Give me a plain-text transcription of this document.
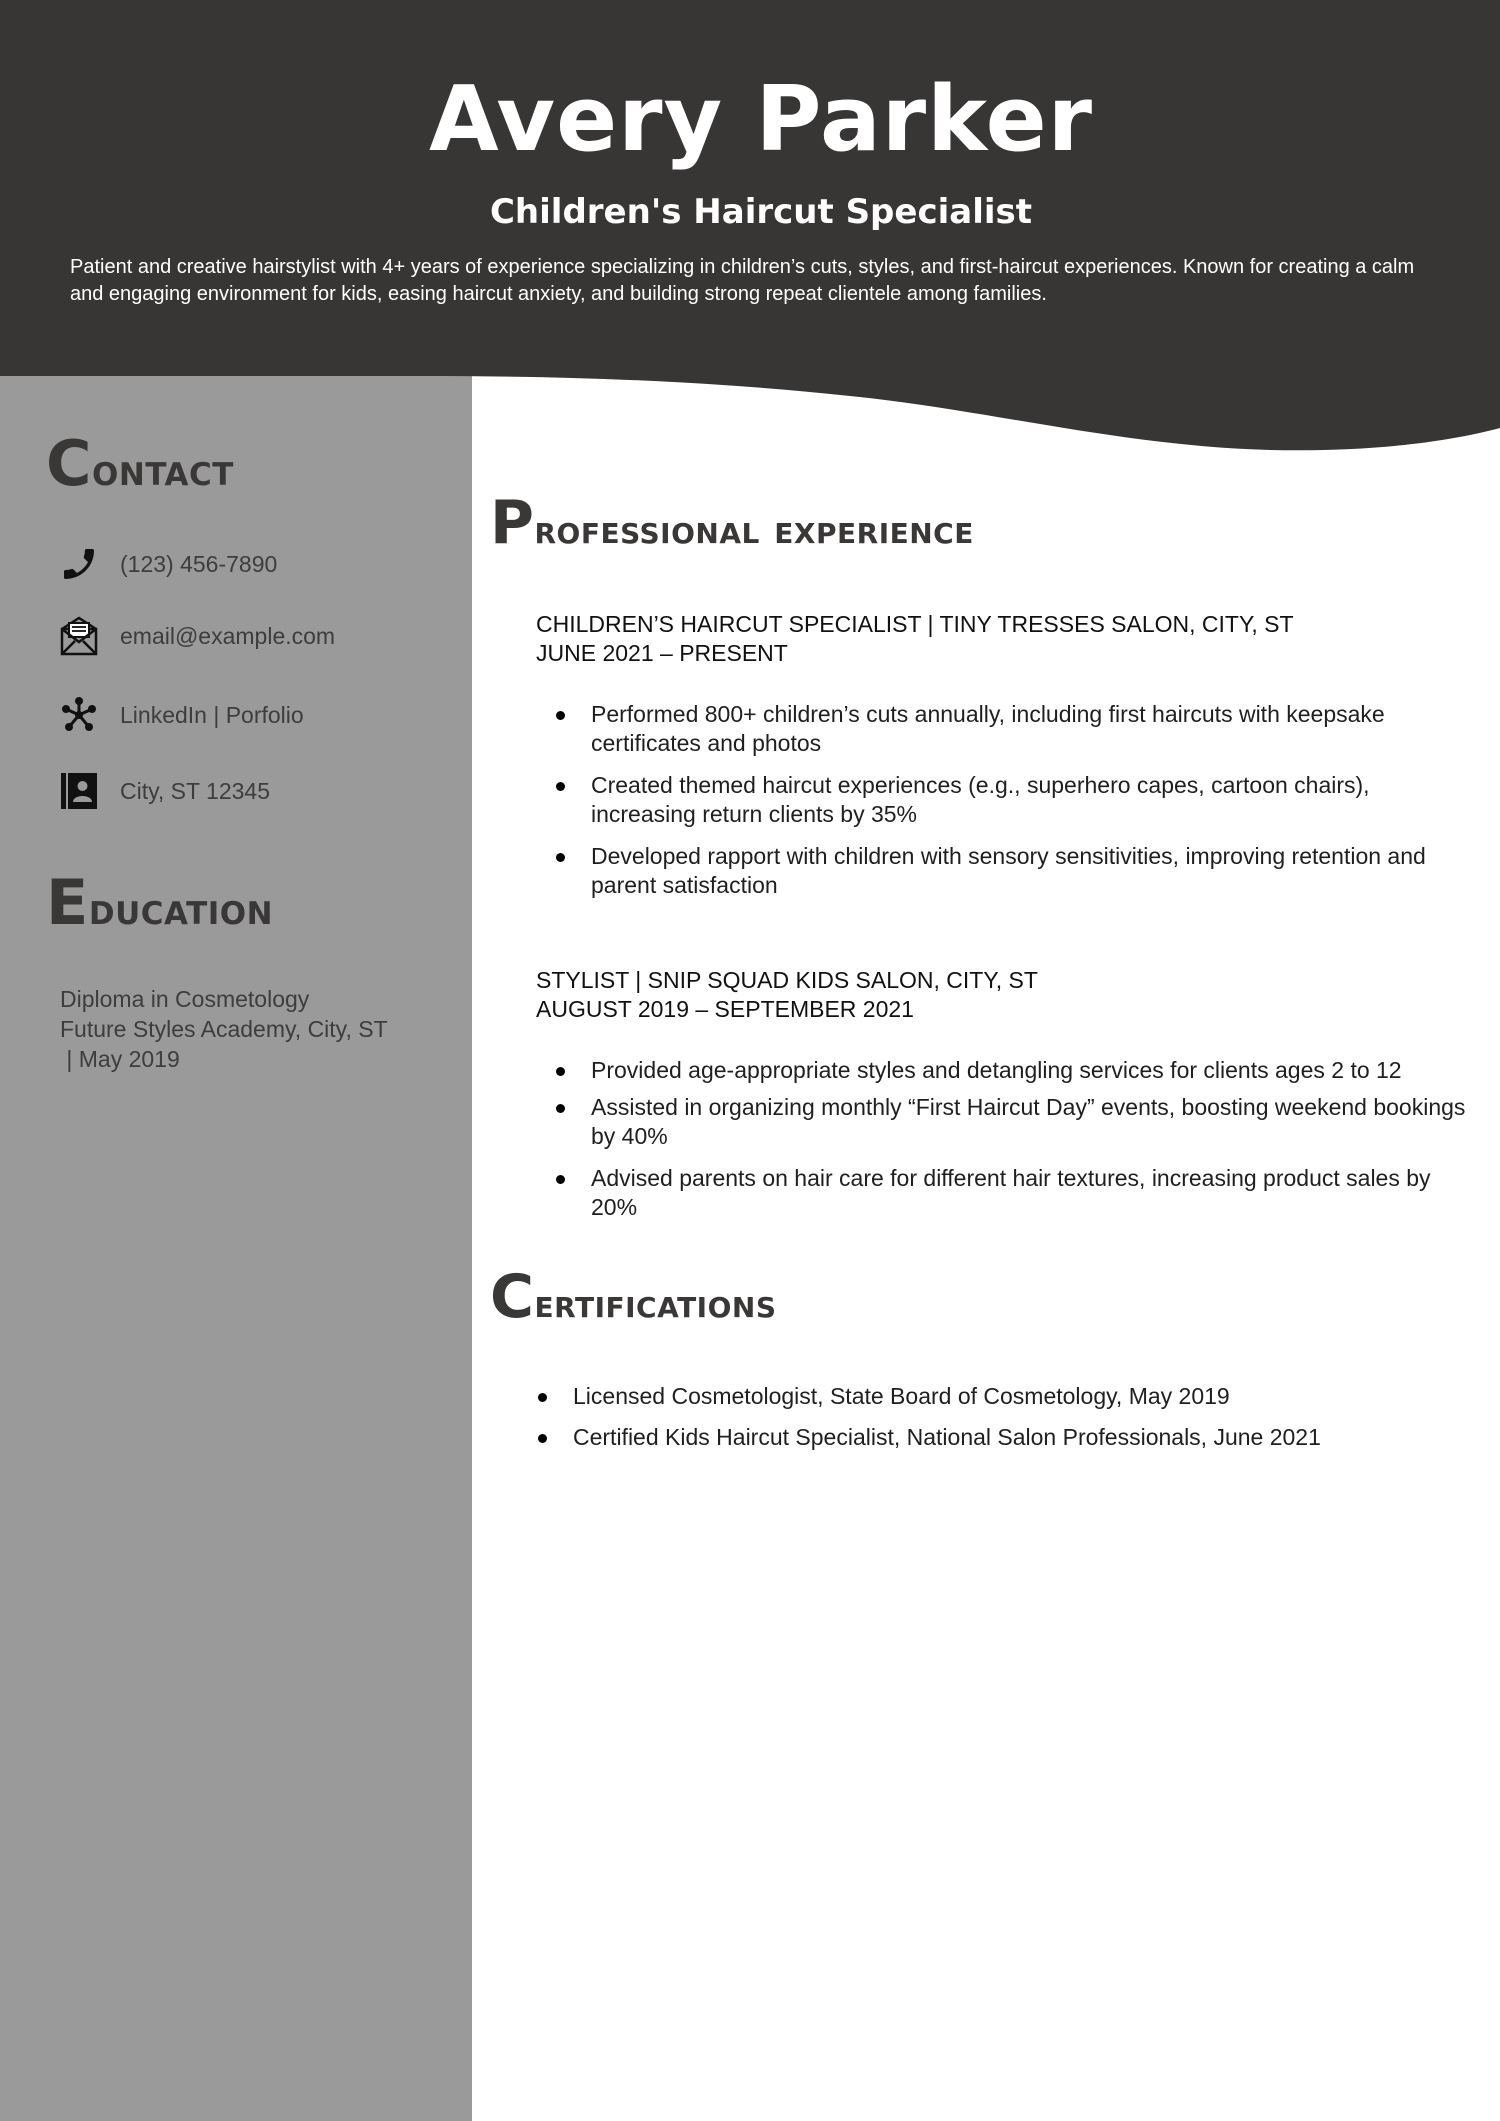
Avery Parker
Children's Haircut Specialist
Patient and creative hairstylist with 4+ years of experience specializing in children’s cuts, styles, and first-haircut experiences. Known for creating a calm and engaging environment for kids, easing haircut anxiety, and building strong repeat clientele among families.
Contact
(123) 456-7890
email@example.com
LinkedIn | Porfolio
City, ST 12345
Education
Diploma in Cosmetology
Future Styles Academy, City, ST
| May 2019
Professional experience
CHILDREN’S HAIRCUT SPECIALIST | TINY TRESSES SALON, CITY, ST
JUNE 2021 – PRESENT
Performed 800+ children’s cuts annually, including first haircuts with keepsake certificates and photos
Created themed haircut experiences (e.g., superhero capes, cartoon chairs), increasing return clients by 35%
Developed rapport with children with sensory sensitivities, improving retention and parent satisfaction
STYLIST | SNIP SQUAD KIDS SALON, CITY, ST
AUGUST 2019 – SEPTEMBER 2021
Provided age-appropriate styles and detangling services for clients ages 2 to 12
Assisted in organizing monthly “First Haircut Day” events, boosting weekend bookings by 40%
Advised parents on hair care for different hair textures, increasing product sales by 20%
Certifications
Licensed Cosmetologist, State Board of Cosmetology, May 2019
Certified Kids Haircut Specialist, National Salon Professionals, June 2021
